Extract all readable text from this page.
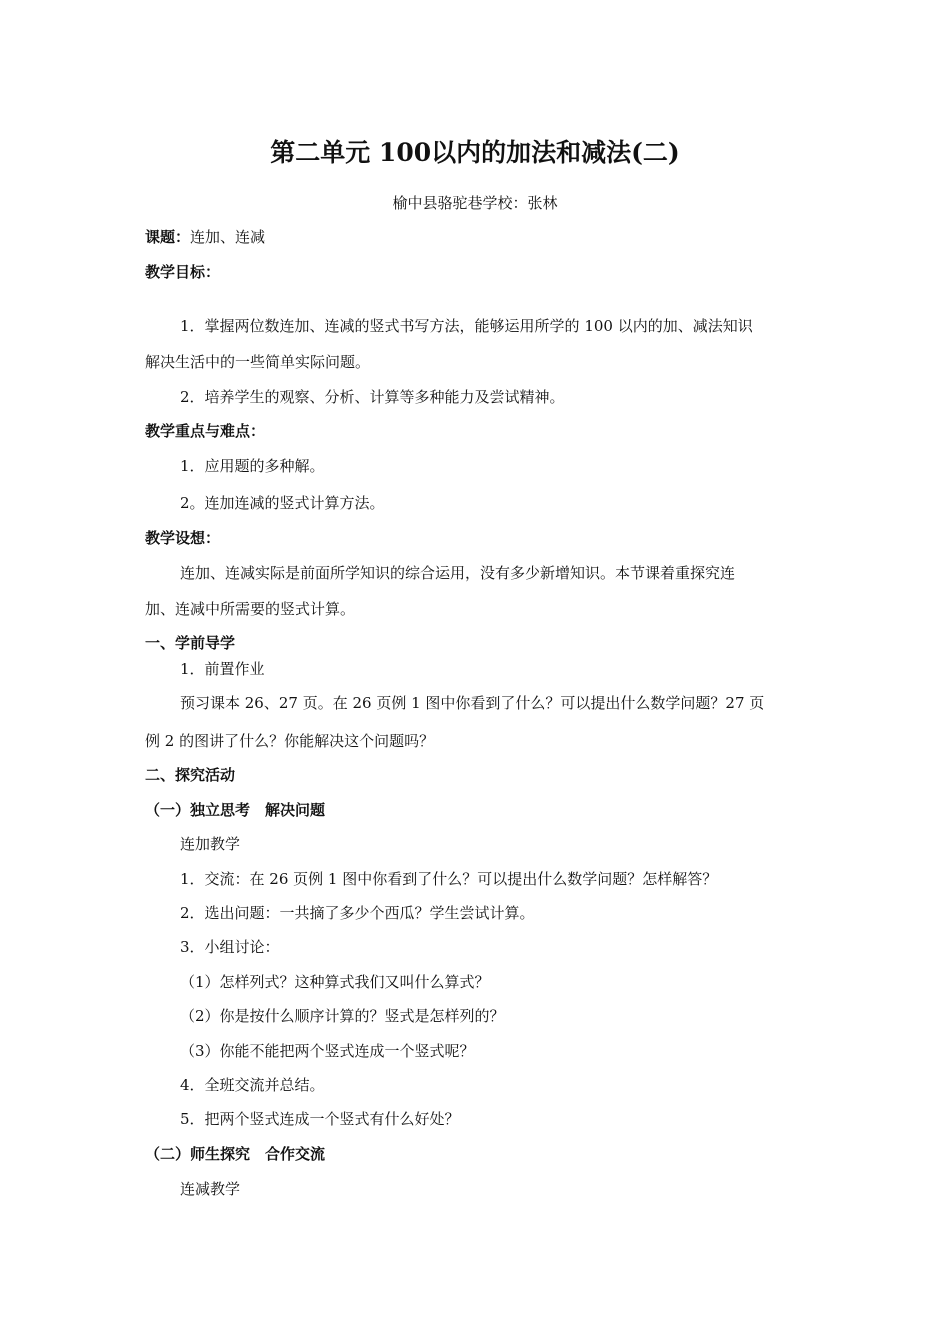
第二单元 100以内的加法和减法(二)
榆中县骆驼巷学校：张林
课题：连加、连减
教学目标：
1．掌握两位数连加、连减的竖式书写方法，能够运用所学的 100 以内的加、减法知识
解决生活中的一些简单实际问题。
2．培养学生的观察、分析、计算等多种能力及尝试精神。
教学重点与难点：
1．应用题的多种解。
2。连加连减的竖式计算方法。
教学设想：
连加、连减实际是前面所学知识的综合运用，没有多少新增知识。本节课着重探究连
加、连减中所需要的竖式计算。
一、学前导学
1．前置作业
预习课本 26、27 页。在 26 页例 1 图中你看到了什么？可以提出什么数学问题？27 页
例 2 的图讲了什么？你能解决这个问题吗？
二、探究活动
（一）独立思考　解决问题
连加教学
1．交流：在 26 页例 1 图中你看到了什么？可以提出什么数学问题？怎样解答？
2．选出问题：一共摘了多少个西瓜？学生尝试计算。
3．小组讨论：
（1）怎样列式？这种算式我们又叫什么算式？
（2）你是按什么顺序计算的？竖式是怎样列的？
（3）你能不能把两个竖式连成一个竖式呢？
4．全班交流并总结。
5．把两个竖式连成一个竖式有什么好处？
（二）师生探究　合作交流
连减教学
